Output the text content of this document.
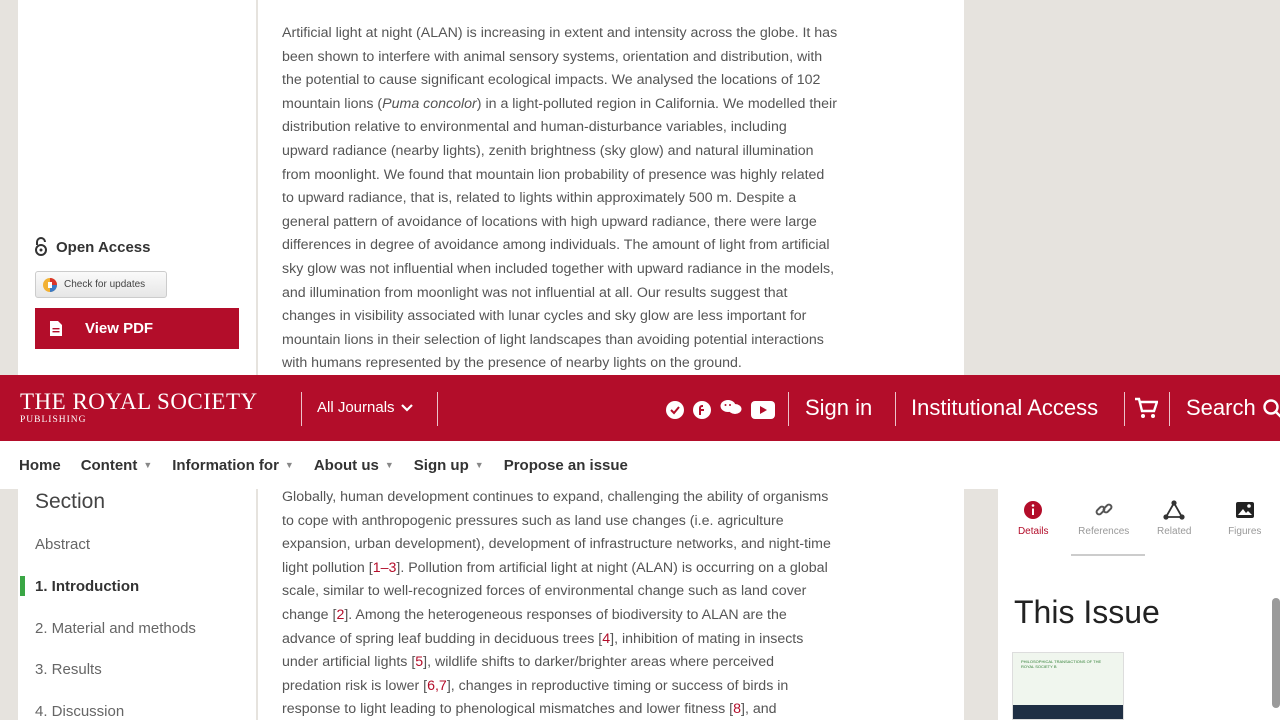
Open Access
Check for updates
View PDF
Section
Abstract
1. Introduction
2. Material and methods
3. Results
4. Discussion
Artificial light at night (ALAN) is increasing in extent and intensity across the globe. It has
been shown to interfere with animal sensory systems, orientation and distribution, with
the potential to cause significant ecological impacts. We analysed the locations of 102
mountain lions (Puma concolor) in a light-polluted region in California. We modelled their
distribution relative to environmental and human-disturbance variables, including
upward radiance (nearby lights), zenith brightness (sky glow) and natural illumination
from moonlight. We found that mountain lion probability of presence was highly related
to upward radiance, that is, related to lights within approximately 500 m. Despite a
general pattern of avoidance of locations with high upward radiance, there were large
differences in degree of avoidance among individuals. The amount of light from artificial
sky glow was not influential when included together with upward radiance in the models,
and illumination from moonlight was not influential at all. Our results suggest that
changes in visibility associated with lunar cycles and sky glow are less important for
mountain lions in their selection of light landscapes than avoiding potential interactions
with humans represented by the presence of nearby lights on the ground.
Globally, human development continues to expand, challenging the ability of organisms
to cope with anthropogenic pressures such as land use changes (i.e. agriculture
expansion, urban development), development of infrastructure networks, and night-time
light pollution [1–3]. Pollution from artificial light at night (ALAN) is occurring on a global
scale, similar to well-recognized forces of environmental change such as land cover
change [2]. Among the heterogeneous responses of biodiversity to ALAN are the
advance of spring leaf budding in deciduous trees [4], inhibition of mating in insects
under artificial lights [5], wildlife shifts to darker/brighter areas where perceived
predation risk is lower [6,7], changes in reproductive timing or success of birds in
response to light leading to phenological mismatches and lower fitness [8], and
Details	References	Related	Figures
This Issue
PHILOSOPHICAL TRANSACTIONS OF THE ROYAL SOCIETY B
THE ROYAL SOCIETY
PUBLISHING
All Journals	Sign in Institutional Access	Search
Home Content ▼ Information for ▼ About us ▼ Sign up ▼ Propose an issue
